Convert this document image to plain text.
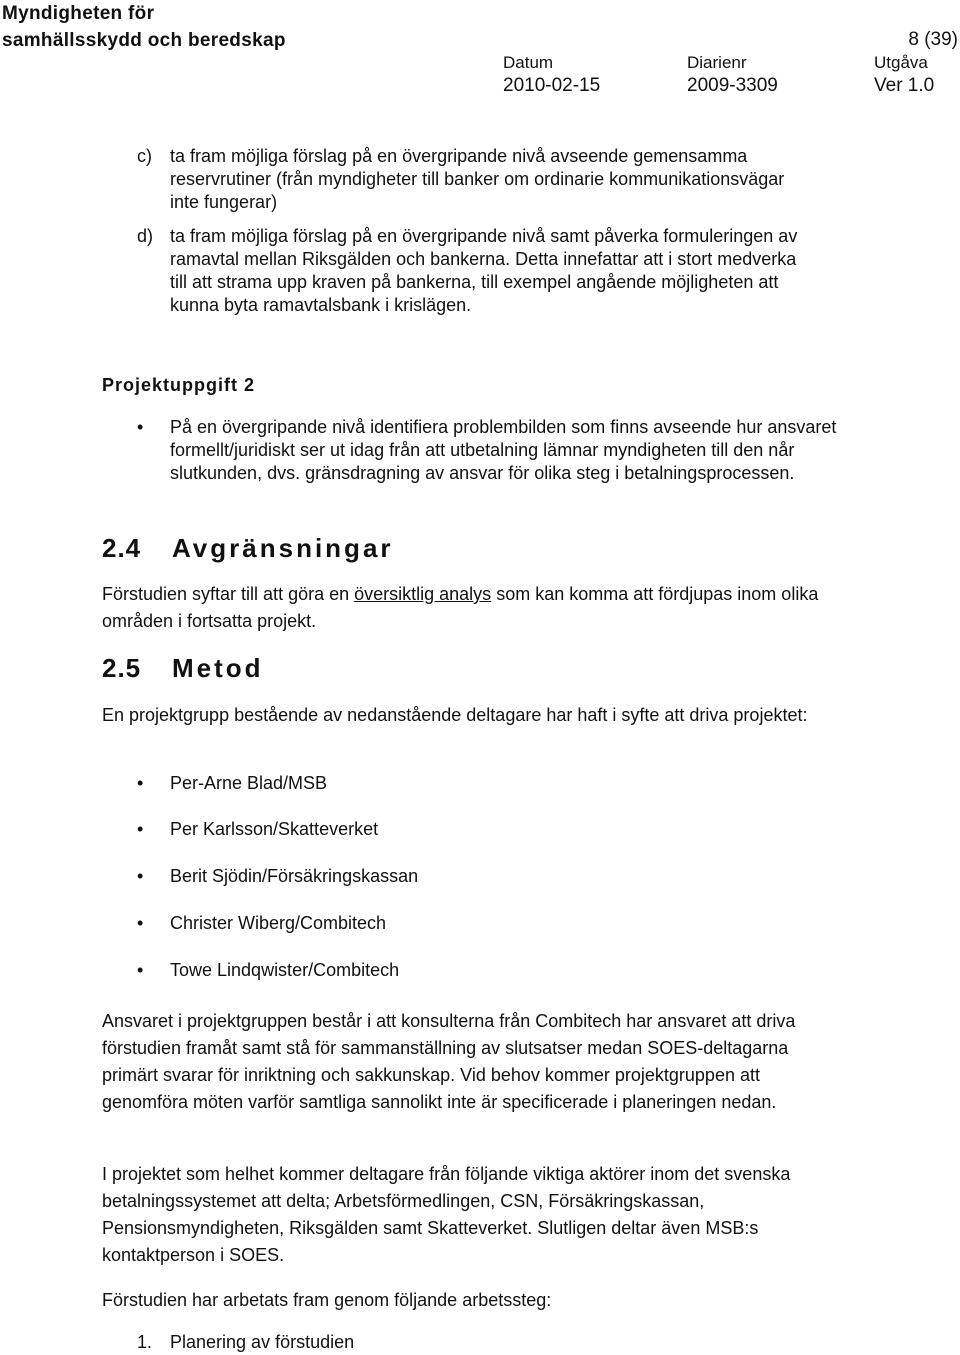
Myndigheten för
samhällsskydd och beredskap	8 (39)
Datum
2010-02-15
Diarienr
2009-3309
Utgåva
Ver 1.0
c) ta fram möjliga förslag på en övergripande nivå avseende gemensamma reservrutiner (från myndigheter till banker om ordinarie kommunikationsvägar inte fungerar)
d) ta fram möjliga förslag på en övergripande nivå samt påverka formuleringen av ramavtal mellan Riksgälden och bankerna. Detta innefattar att i stort medverka till att strama upp kraven på bankerna, till exempel angående möjligheten att kunna byta ramavtalsbank i krislägen.
Projektuppgift 2
•	På en övergripande nivå identifiera problembilden som finns avseende hur ansvaret formellt/juridiskt ser ut idag från att utbetalning lämnar myndigheten till den når slutkunden, dvs. gränsdragning av ansvar för olika steg i betalningsprocessen.
2.4 Avgränsningar
Förstudien syftar till att göra en översiktlig analys som kan komma att fördjupas inom olika områden i fortsatta projekt.
2.5 Metod
En projektgrupp bestående av nedanstående deltagare har haft i syfte att driva projektet:
• Per-Arne Blad/MSB
• Per Karlsson/Skatteverket
• Berit Sjödin/Försäkringskassan
• Christer Wiberg/Combitech
• Towe Lindqwister/Combitech
Ansvaret i projektgruppen består i att konsulterna från Combitech har ansvaret att driva förstudien framåt samt stå för sammanställning av slutsatser medan SOES-deltagarna primärt svarar för inriktning och sakkunskap. Vid behov kommer projektgruppen att genomföra möten varför samtliga sannolikt inte är specificerade i planeringen nedan.
I projektet som helhet kommer deltagare från följande viktiga aktörer inom det svenska betalningssystemet att delta; Arbetsförmedlingen, CSN, Försäkringskassan, Pensionsmyndigheten, Riksgälden samt Skatteverket. Slutligen deltar även MSB:s kontaktperson i SOES.
Förstudien har arbetats fram genom följande arbetssteg:
1. Planering av förstudien
